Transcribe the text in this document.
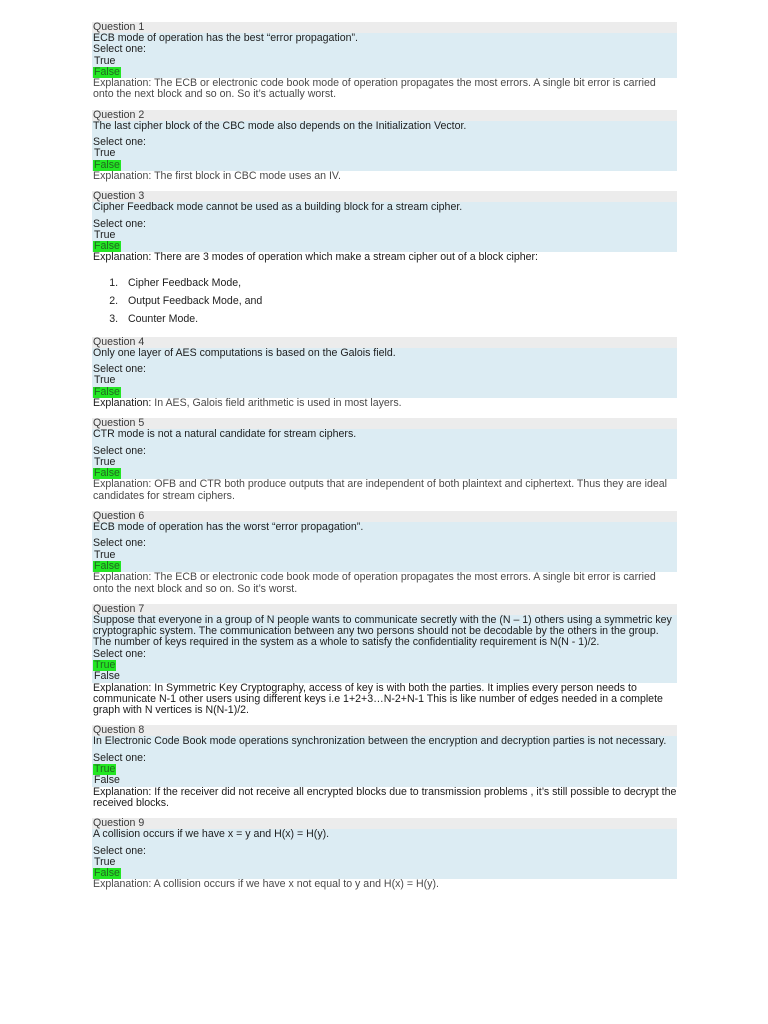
Question 1
ECB mode of operation has the best “error propagation”.
Select one:
True
False
Explanation: The ECB or electronic code book mode of operation propagates the most errors. A single bit error is carried onto the next block and so on. So it’s actually worst.
Question 2
The last cipher block of the CBC mode also depends on the Initialization Vector.
Select one:
True
False
Explanation: The first block in CBC mode uses an IV.
Question 3
Cipher Feedback mode cannot be used as a building block for a stream cipher.
Select one:
True
False
Explanation: There are 3 modes of operation which make a stream cipher out of a block cipher:
1. Cipher Feedback Mode,
2. Output Feedback Mode, and
3. Counter Mode.
Question 4
Only one layer of AES computations is based on the Galois field.
Select one:
True
False
Explanation: In AES, Galois field arithmetic is used in most layers.
Question 5
CTR mode is not a natural candidate for stream ciphers.
Select one:
True
False
Explanation: OFB and CTR both produce outputs that are independent of both plaintext and ciphertext. Thus they are ideal candidates for stream ciphers.
Question 6
ECB mode of operation has the worst “error propagation”.
Select one:
True
False
Explanation: The ECB or electronic code book mode of operation propagates the most errors. A single bit error is carried onto the next block and so on. So it’s worst.
Question 7
Suppose that everyone in a group of N people wants to communicate secretly with the (N – 1) others using a symmetric key cryptographic system. The communication between any two persons should not be decodable by the others in the group. The number of keys required in the system as a whole to satisfy the confidentiality requirement is N(N - 1)/2.
Select one:
True
False
Explanation: In Symmetric Key Cryptography, access of key is with both the parties. It implies every person needs to communicate N-1 other users using different keys i.e 1+2+3…N-2+N-1 This is like number of edges needed in a complete graph with N vertices is N(N-1)/2.
Question 8
In Electronic Code Book mode operations synchronization between the encryption and decryption parties is not necessary.
Select one:
True
False
Explanation: If the receiver did not receive all encrypted blocks due to transmission problems , it’s still possible to decrypt the received blocks.
Question 9
A collision occurs if we have x = y and H(x) = H(y).
Select one:
True
False
Explanation: A collision occurs if we have x not equal to y and H(x) = H(y).
